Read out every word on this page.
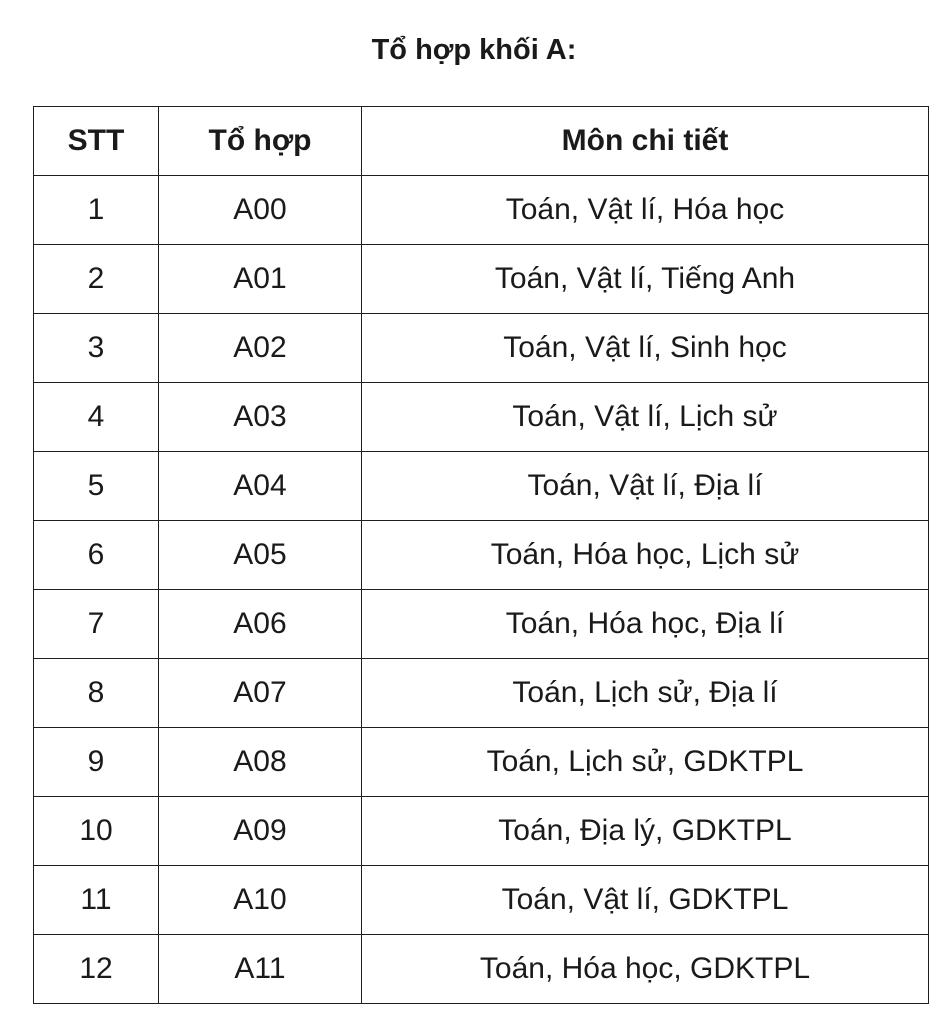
Tổ hợp khối A:
STT	Tổ hợp	Môn chi tiết
1	A00	Toán, Vật lí, Hóa học
2	A01	Toán, Vật lí, Tiếng Anh
3	A02	Toán, Vật lí, Sinh học
4	A03	Toán, Vật lí, Lịch sử
5	A04	Toán, Vật lí, Địa lí
6	A05	Toán, Hóa học, Lịch sử
7	A06	Toán, Hóa học, Địa lí
8	A07	Toán, Lịch sử, Địa lí
9	A08	Toán, Lịch sử, GDKTPL
10	A09	Toán, Địa lý, GDKTPL
11	A10	Toán, Vật lí, GDKTPL
12	A11	Toán, Hóa học, GDKTPL
